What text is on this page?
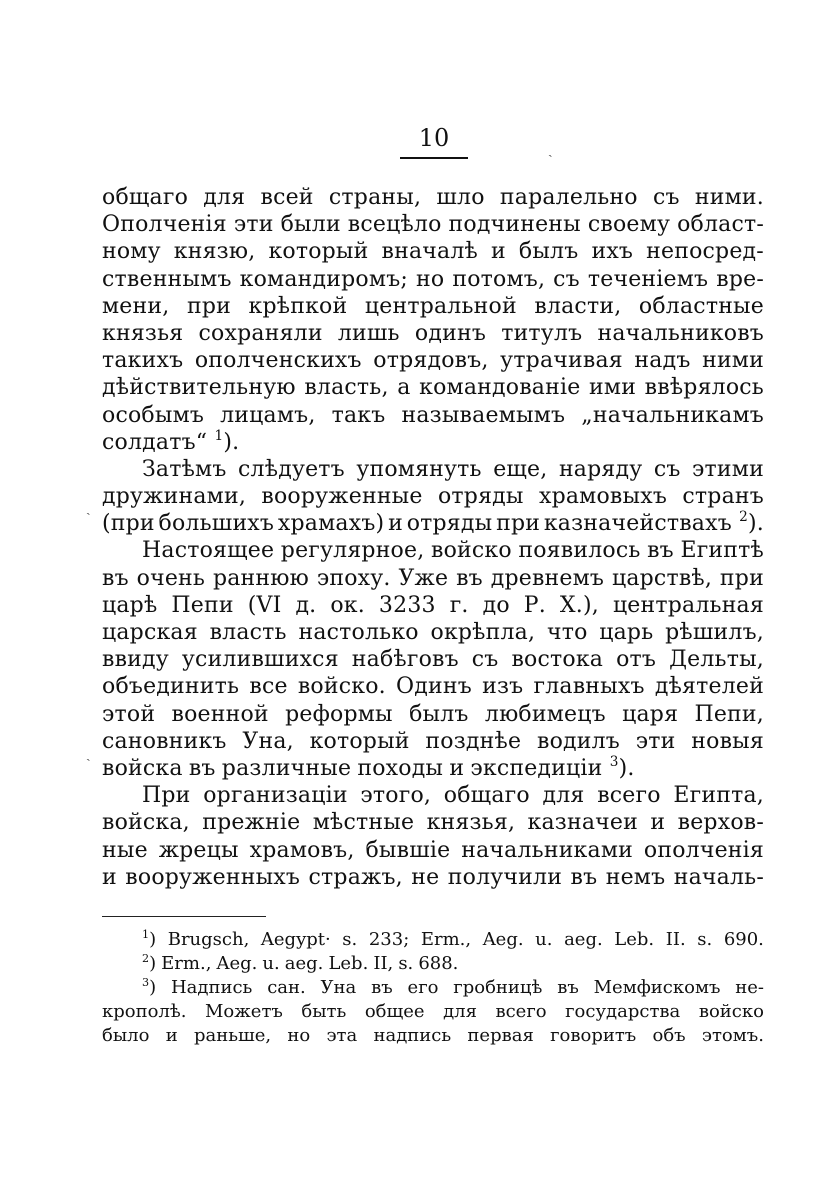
10
общаго для всей страны, шло паралельно съ ними.
Ополченія эти были всецѣло подчинены своему област-
ному князю, который вначалѣ и былъ ихъ непосред-
ственнымъ командиромъ; но потомъ, съ теченіемъ вре-
мени, при крѣпкой центральной власти, областные
князья сохраняли лишь одинъ титулъ начальниковъ
такихъ ополченскихъ отрядовъ, утрачивая надъ ними
дѣйствительную власть, а командованіе ими ввѣрялось
особымъ лицамъ, такъ называемымъ „начальникамъ
солдатъ“ $^1$).
Затѣмъ слѣдуетъ упомянуть еще, наряду съ этими
дружинами, вооруженные отряды храмовыхъ странъ
(при большихъ храмахъ) и отряды при казначействахъ $^2$).
Настоящее регулярное, войско появилось въ Египтѣ
въ очень раннюю эпоху. Уже въ древнемъ царствѣ, при
царѣ Пепи (VI д. ок. 3233 г. до Р. Х.), центральная
царская власть настолько окрѣпла, что царь рѣшилъ,
ввиду усилившихся набѣговъ съ востока отъ Дельты,
объединить все войско. Одинъ изъ главныхъ дѣятелей
этой военной реформы былъ любимецъ царя Пепи,
сановникъ Уна, который позднѣе водилъ эти новыя
войска въ различные походы и экспедиціи $^3$).
При организаціи этого, общаго для всего Египта,
войска, прежніе мѣстные князья, казначеи и верхов-
ные жрецы храмовъ, бывшіе начальниками ополченія
и вооруженныхъ стражъ, не получили въ немъ началь-
$^1$) Brugsch, Aegypt· s. 233; Erm., Aeg. u. aeg. Leb. II. s. 690.
$^2$) Erm., Aeg. u. aeg. Leb. II, s. 688.
$^3$) Надпись сан. Уна въ его гробницѣ въ Мемфискомъ не-
крополѣ. Можетъ быть общее для всего государства войско
было и раньше, но эта надпись первая говоритъ объ этомъ.
ˏ
ˏ
ˏ
